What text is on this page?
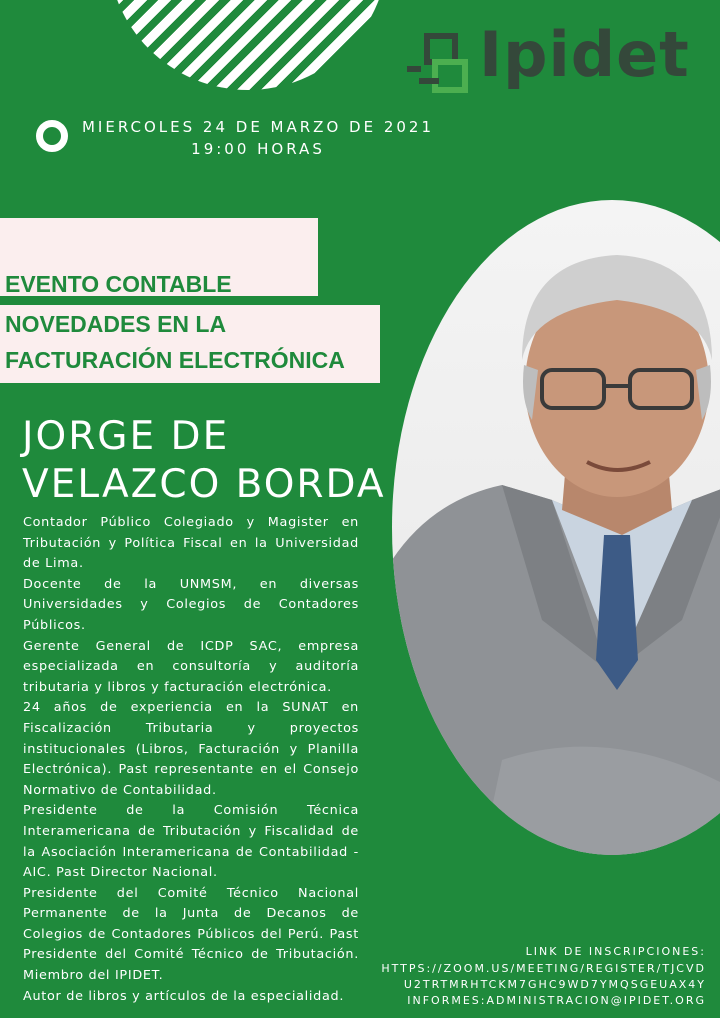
Ipidet
MIERCOLES 24 DE MARZO DE 2021
19:00 HORAS
EVENTO CONTABLE
NOVEDADES EN LA
FACTURACIÓN ELECTRÓNICA
JORGE DE
VELAZCO BORDA

Contador Público Colegiado y Magister en Tributación y Política Fiscal en la Universidad de Lima.

Docente de la UNMSM, en diversas Universidades y Colegios de Contadores Públicos.

Gerente General de ICDP SAC, empresa especializada en consultoría y auditoría tributaria y libros y facturación electrónica.

24 años de experiencia en la SUNAT en Fiscalización Tributaria y proyectos institucionales (Libros, Facturación y Planilla Electrónica). Past representante en el Consejo Normativo de Contabilidad.

Presidente de la Comisión Técnica Interamericana de Tributación y Fiscalidad de la Asociación Interamericana de Contabilidad - AIC. Past Director Nacional.

Presidente del Comité Técnico Nacional Permanente de la Junta de Decanos de Colegios de Contadores Públicos del Perú. Past Presidente del Comité Técnico de Tributación. Miembro del IPIDET.

Autor de libros y artículos de la especialidad.

LINK DE INSCRIPCIONES:
HTTPS://ZOOM.US/MEETING/REGISTER/TJCVD
U2TRTMRHTCKM7GHC9WD7YMQSGEUAX4Y
INFORMES:ADMINISTRACION@IPIDET.ORG
